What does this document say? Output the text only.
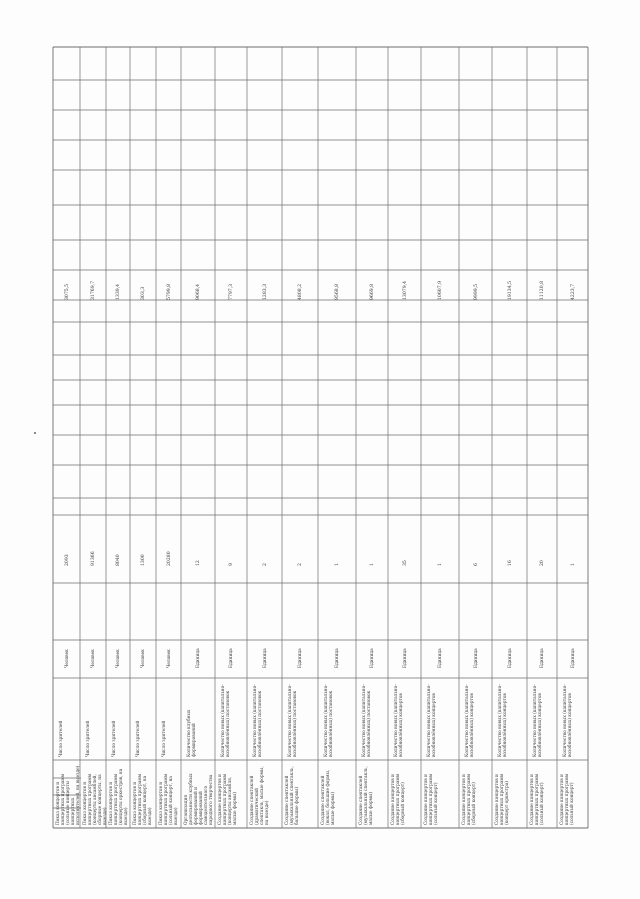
Показ концертов и концертных программ (сольные концерты концертных исполнителей, на выезде)
Число зрителей
Человек
2093
3075,5
Показ концертов и концертных программ (концерты ансамблей, сборные концерты, на выезде)
Число зрителей
Человек
91366
31769,7
Показ концертов и концертных программ (концерты оркестров, на выезде)
Число зрителей
Человек
8040
1339,4
Показ концертов и концертных программ (сборный концерт, на выезде)
Число зрителей
Человек
1300
303,3
Показ концертов и концертных программ (сольный концерт, на выезде)
Число зрителей
Человек
20280
5799,8
Организация деятельности клубных формирований и формирований самодеятельного народного творчества
Количество клубных формирований
Единица
12
9068,4
Создание концертов и концертных программ (концерты ансамбля, малые формы)
Количество новых (капитально-возобновлённых) постановок
Единица
9
7797,3
Создание спектаклей (драматический спектакль, малые формы, на выезде)
Количество новых (капитально-возобновлённых) постановок
Единица
2
1283,3
Создание спектаклей (музыкальный спектакль, большие формы)
Количество новых (капитально-возобновлённых) постановок
Единица
2
4808,2
Создание спектаклей (вокал, большие формы, малые формы)
Количество новых (капитально-возобновлённых) постановок
Единица
1
9568,8
Создание спектаклей (музыкальный спектакль, малые формы)
Количество новых (капитально-возобновлённых) постановок
Единица
1
9669,8
Создание концертов и концертных программ (сборный концерт)
Количество новых (капитально-возобновлённых) концертов
Единица
35
13079,4
Создание концертов и концертных программ (сольный концерт)
Количество новых (капитально-возобновлённых) концертов
Единица
1
10607,9
Создание концертов и концертных программ (сборный концерт)
Количество новых (капитально-возобновлённых) концертов
Единица
6
9999,5
Создание концертов и концертных программ (концерт оркестра)
Количество новых (капитально-возобновлённых) концертов
Единица
16
19134,5
Создание концертов и концертных программ (сольный концерт)
Количество новых (капитально-возобновлённых) концертов
Единица
20
11120,8
Создание концертов и концертных программ (сольный концерт)
Количество новых (капитально-возобновлённых) концертов
Единица
1
4223,7
